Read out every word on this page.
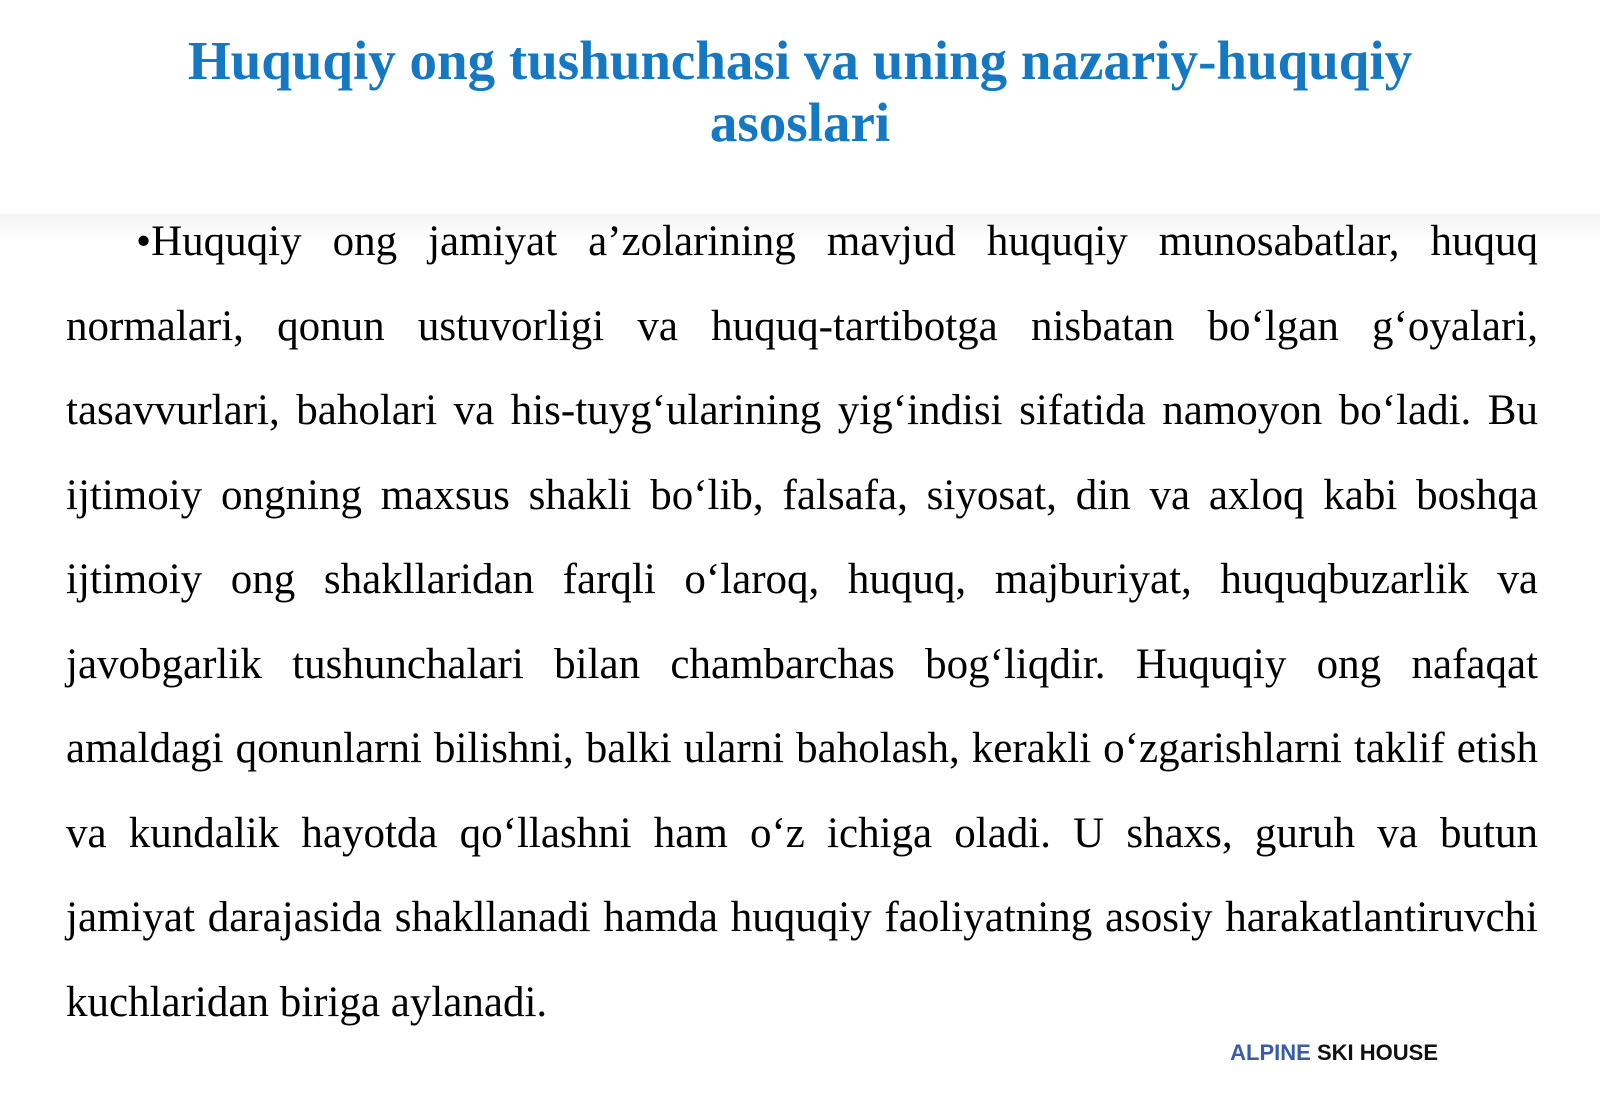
Huquqiy ong tushunchasi va uning nazariy-huquqiy asoslari

•Huquqiy ong jamiyat a’zolarining mavjud huquqiy munosabatlar, huquq normalari, qonun ustuvorligi va huquq-tartibotga nisbatan bo‘lgan g‘oyalari, tasavvurlari, baholari va his-tuyg‘ularining yig‘indisi sifatida namoyon bo‘ladi. Bu ijtimoiy ongning maxsus shakli bo‘lib, falsafa, siyosat, din va axloq kabi boshqa ijtimoiy ong shakllaridan farqli o‘laroq, huquq, majburiyat, huquqbuzarlik va javobgarlik tushunchalari bilan chambarchas bog‘liqdir. Huquqiy ong nafaqat amaldagi qonunlarni bilishni, balki ularni baholash, kerakli o‘zgarishlarni taklif etish va kundalik hayotda qo‘llashni ham o‘z ichiga oladi. U shaxs, guruh va butun jamiyat darajasida shakllanadi hamda huquqiy faoliyatning asosiy harakatlantiruvchi kuchlaridan biriga aylanadi.

ALPINE SKI HOUSE
